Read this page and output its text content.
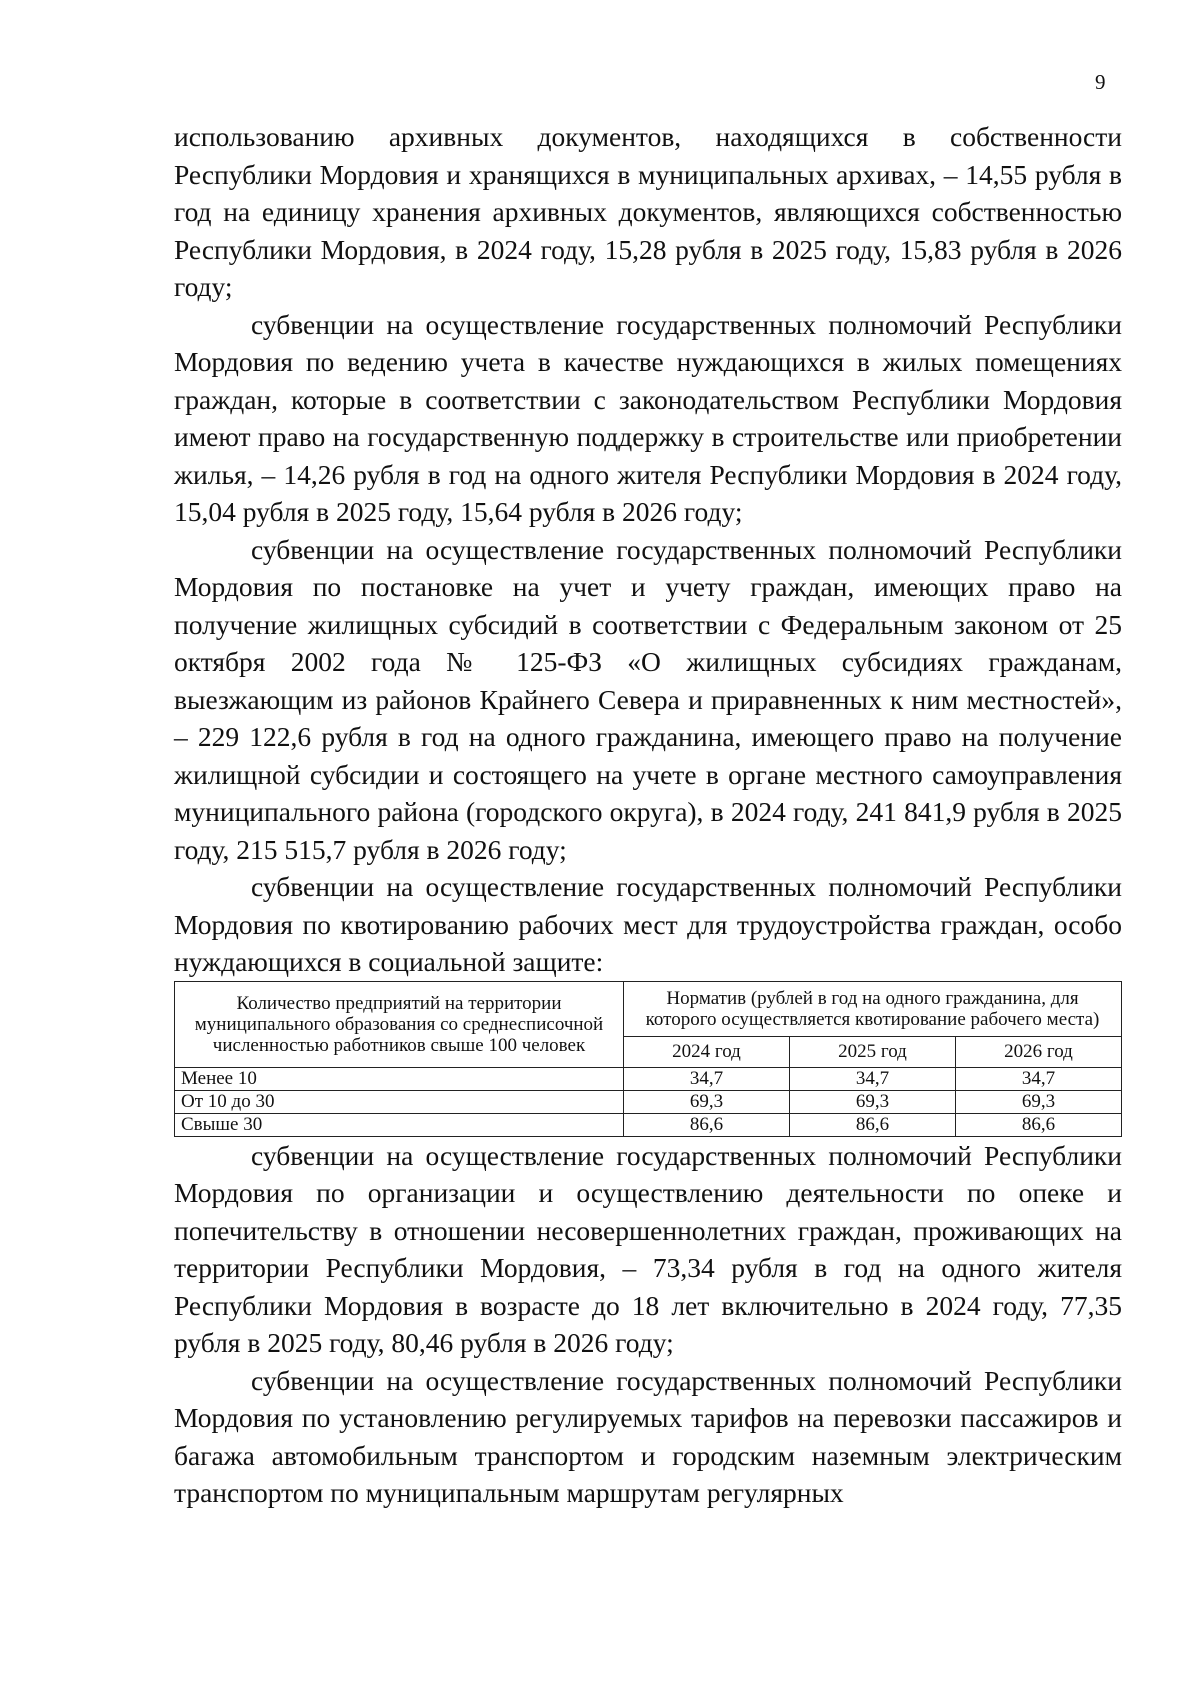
9

использованию архивных документов, находящихся в собственности Республики Мордовия и хранящихся в муниципальных архивах, – 14,55 рубля в год на единицу хранения архивных документов, являющихся собственностью Республики Мордовия, в 2024 году, 15,28 рубля в 2025 году, 15,83 рубля в 2026 году;

субвенции на осуществление государственных полномочий Республики Мордовия по ведению учета в качестве нуждающихся в жилых помещениях граждан, которые в соответствии с законодательством Республики Мордовия имеют право на государственную поддержку в строительстве или приобретении жилья, – 14,26 рубля в год на одного жителя Республики Мордовия в 2024 году, 15,04 рубля в 2025 году, 15,64 рубля в 2026 году;

субвенции на осуществление государственных полномочий Республики Мордовия по постановке на учет и учету граждан, имеющих право на получение жилищных субсидий в соответствии с Федеральным законом от 25 октября 2002 года № 125-ФЗ «О жилищных субсидиях гражданам, выезжающим из районов Крайнего Севера и приравненных к ним местностей», – 229 122,6 рубля в год на одного гражданина, имеющего право на получение жилищной субсидии и состоящего на учете в органе местного самоуправления муниципального района (городского округа), в 2024 году, 241 841,9 рубля в 2025 году, 215 515,7 рубля в 2026 году;

субвенции на осуществление государственных полномочий Республики Мордовия по квотированию рабочих мест для трудоустройства граждан, особо нуждающихся в социальной защите:

Количество предприятий на территории муниципального образования со среднесписочной численностью работников свыше 100 человек	Норматив (рублей в год на одного гражданина, для которого осуществляется квотирование рабочего места)		
	2024 год	2025 год	2026 год
Менее 10	34,7	34,7	34,7
От 10 до 30	69,3	69,3	69,3
Свыше 30	86,6	86,6	86,6

субвенции на осуществление государственных полномочий Республики Мордовия по организации и осуществлению деятельности по опеке и попечительству в отношении несовершеннолетних граждан, проживающих на территории Республики Мордовия, – 73,34 рубля в год на одного жителя Республики Мордовия в возрасте до 18 лет включительно в 2024 году, 77,35 рубля в 2025 году, 80,46 рубля в 2026 году;

субвенции на осуществление государственных полномочий Республики Мордовия по установлению регулируемых тарифов на перевозки пассажиров и багажа автомобильным транспортом и городским наземным электрическим транспортом по муниципальным маршрутам регулярных
